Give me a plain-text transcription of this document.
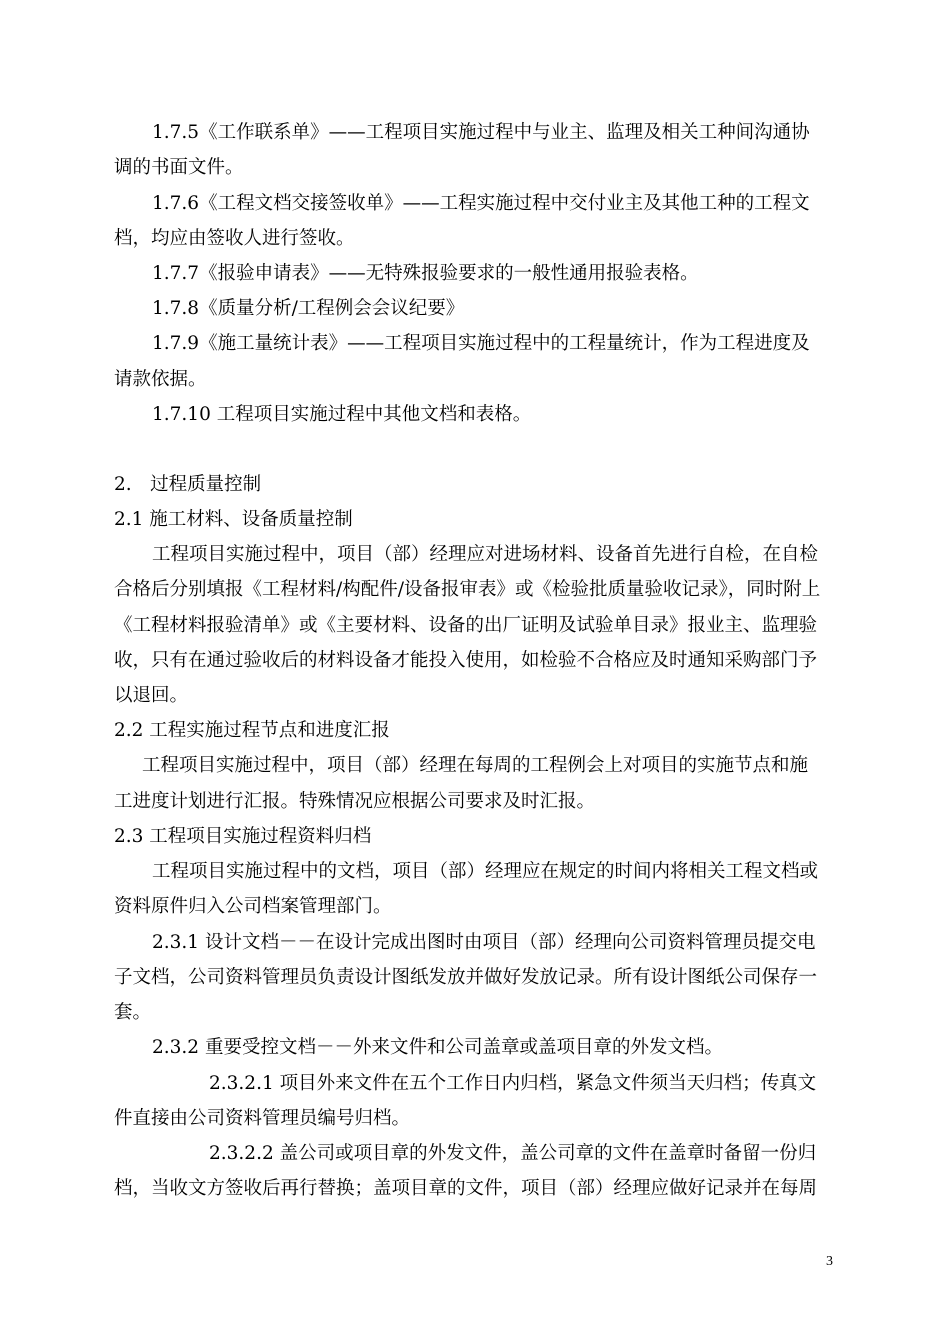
1.7.5《工作联系单》——工程项目实施过程中与业主、监理及相关工种间沟通协
调的书面文件。
1.7.6《工程文档交接签收单》——工程实施过程中交付业主及其他工种的工程文
档，均应由签收人进行签收。
1.7.7《报验申请表》——无特殊报验要求的一般性通用报验表格。
1.7.8《质量分析/工程例会会议纪要》
1.7.9《施工量统计表》——工程项目实施过程中的工程量统计，作为工程进度及
请款依据。
1.7.10 工程项目实施过程中其他文档和表格。
2.　过程质量控制
2.1 施工材料、设备质量控制
工程项目实施过程中，项目（部）经理应对进场材料、设备首先进行自检，在自检
合格后分别填报《工程材料/构配件/设备报审表》或《检验批质量验收记录》，同时附上
《工程材料报验清单》或《主要材料、设备的出厂证明及试验单目录》报业主、监理验
收，只有在通过验收后的材料设备才能投入使用，如检验不合格应及时通知采购部门予
以退回。
2.2 工程实施过程节点和进度汇报
工程项目实施过程中，项目（部）经理在每周的工程例会上对项目的实施节点和施
工进度计划进行汇报。特殊情况应根据公司要求及时汇报。
2.3 工程项目实施过程资料归档
工程项目实施过程中的文档，项目（部）经理应在规定的时间内将相关工程文档或
资料原件归入公司档案管理部门。
2.3.1 设计文档－－在设计完成出图时由项目（部）经理向公司资料管理员提交电
子文档，公司资料管理员负责设计图纸发放并做好发放记录。所有设计图纸公司保存一
套。
2.3.2 重要受控文档－－外来文件和公司盖章或盖项目章的外发文档。
2.3.2.1 项目外来文件在五个工作日内归档，紧急文件须当天归档；传真文
件直接由公司资料管理员编号归档。
2.3.2.2 盖公司或项目章的外发文件，盖公司章的文件在盖章时备留一份归
档，当收文方签收后再行替换；盖项目章的文件，项目（部）经理应做好记录并在每周
3
